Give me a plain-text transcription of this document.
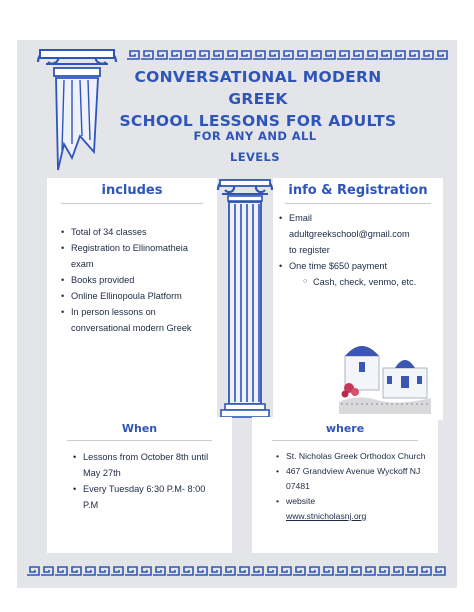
CONVERSATIONAL MODERN GREEK
SCHOOL LESSONS FOR ADULTS
FOR ANY AND ALL
LEVELS
includes
• Total of 34 classes
• Registration to Ellinomatheia exam
• Books provided
• Online Ellinopoula Platform
• In person lessons on conversational modern Greek
info & Registration
• Email
adultgreekschool@gmail.com
to register
• One time $650 payment
○ Cash, check, venmo, etc.
When
• Lessons from October 8th until May 27th
• Every Tuesday 6:30 P.M- 8:00 P.M
where
• St. Nicholas Greek Orthodox Church
• 467 Grandview Avenue Wyckoff NJ 07481
• website
www.stnicholasnj.org
